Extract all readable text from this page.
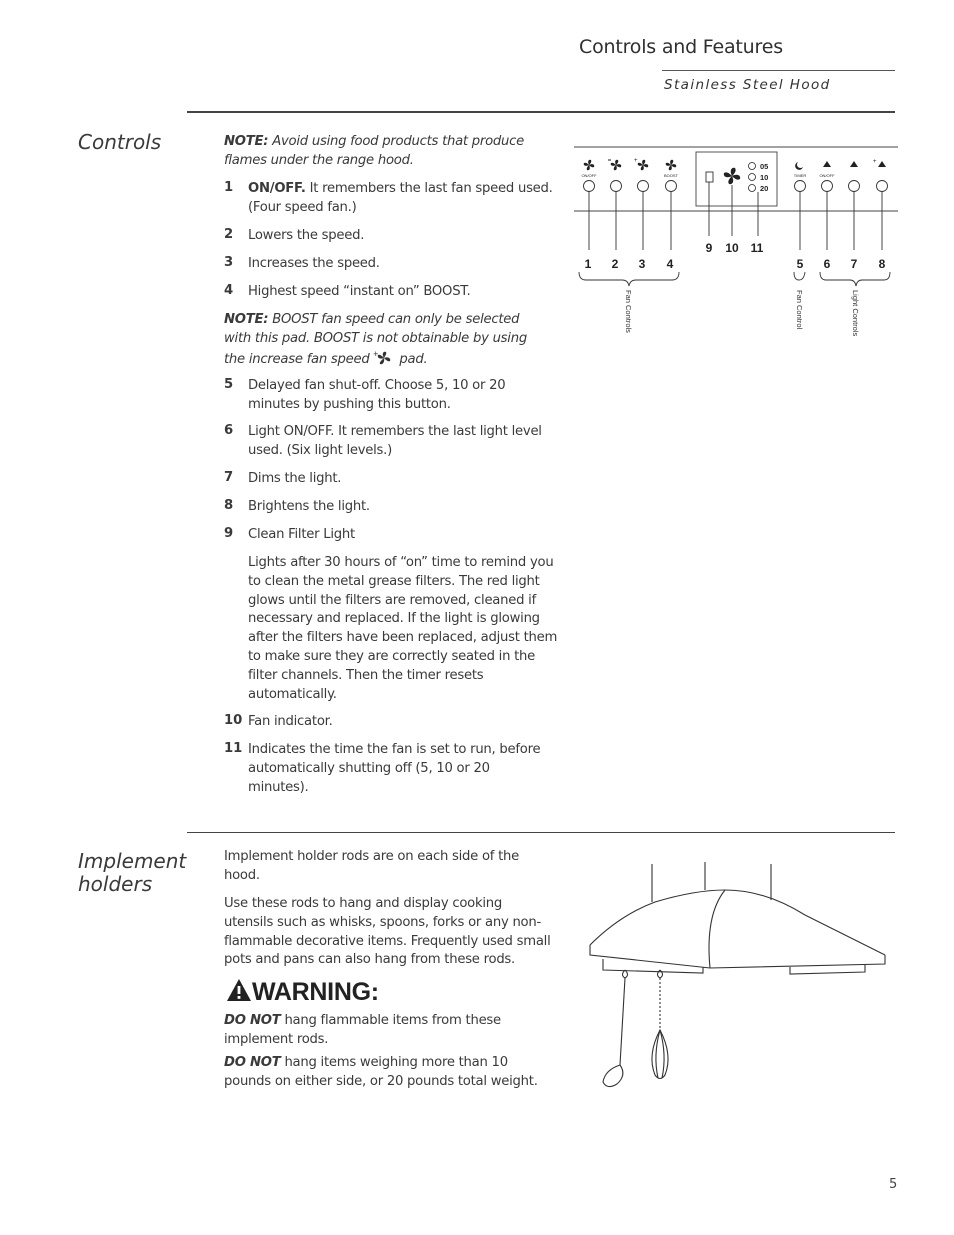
Controls and Features
Stainless Steel Hood
Controls	NOTE: Avoid using food products that produce flames under the range hood.
1 ON/OFF. It remembers the last fan speed used. (Four speed fan.)
2 Lowers the speed.
3 Increases the speed.
4 Highest speed “instant on” BOOST.
NOTE: BOOST fan speed can only be selected with this pad. BOOST is not obtainable by using the increase fan speed + pad.
5 Delayed fan shut-off. Choose 5, 10 or 20 minutes by pushing this button.
6 Light ON/OFF. It remembers the last light level used. (Six light levels.)
7 Dims the light.
8 Brightens the light.
9 Clean Filter Light
Lights after 30 hours of “on” time to remind you to clean the metal grease filters. The red light glows until the filters are removed, cleaned if necessary and replaced. If the light is glowing after the filters have been replaced, adjust them to make sure they are correctly seated in the filter channels. Then the timer resets automatically.
10 Fan indicator.
11 Indicates the time the fan is set to run, before automatically shutting off (5, 10 or 20 minutes).
+
ON/OFF	BOOST
05
10
20
+
TIMER	ON/OFF
1 2 3 4
9 10 11
5 6 7 8
Fan Controls	Fan Control	Light Controls
Implement
holders
Implement holder rods are on each side of the hood.
Use these rods to hang and display cooking utensils such as whisks, spoons, forks or any non-flammable decorative items. Frequently used small pots and pans can also hang from these rods.
WARNING:
DO NOT hang flammable items from these implement rods.
DO NOT hang items weighing more than 10 pounds on either side, or 20 pounds total weight.
5
